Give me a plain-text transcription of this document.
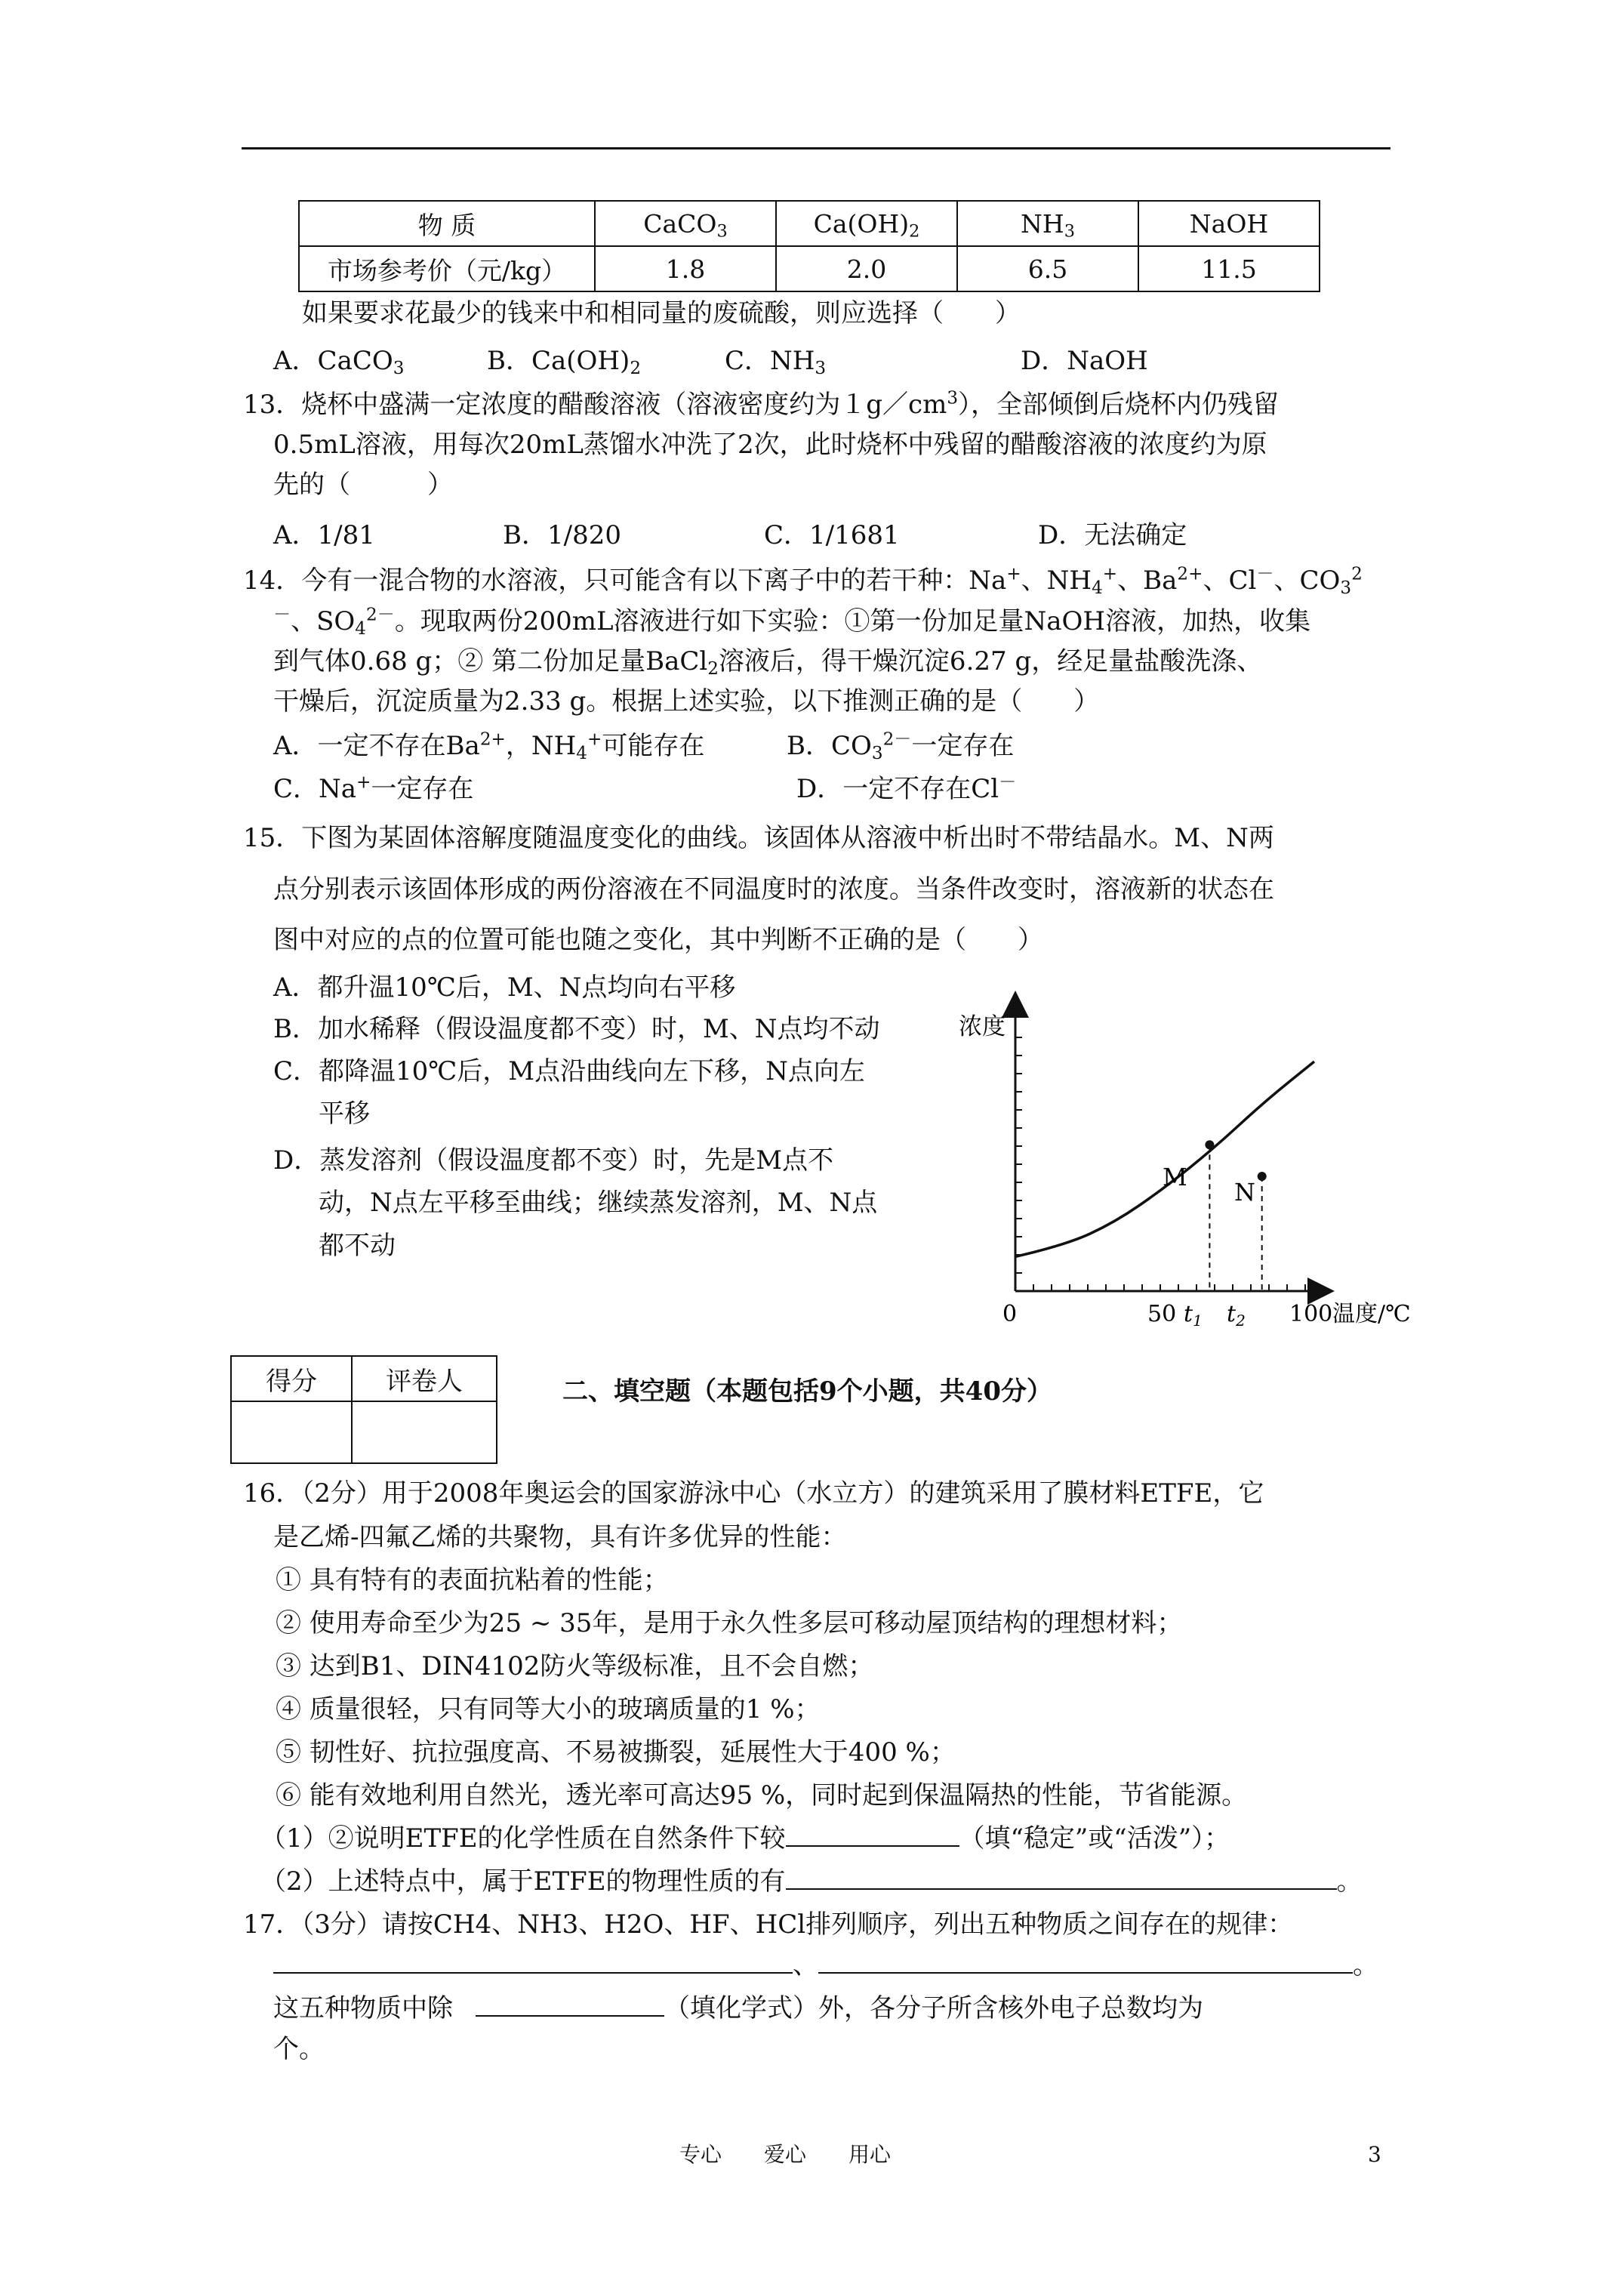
物 质	CaCO$_3$	$Ca(OH)_2$	$NH_3$	NaOH
市场参考价（元/kg）	1.8	2.0	6.5	11.5
如果要求花最少的钱来中和相同量的废硫酸，则应选择（　　）
A．CaCO$_3$	B．$Ca(OH)_2$	C．$NH_3$	D．NaOH
13．烧杯中盛满一定浓度的醋酸溶液（溶液密度约为$1g/cm^3$），全部倾倒后烧杯内仍残留
0.5mL溶液，用每次20mL蒸馏水冲洗了2次，此时烧杯中残留的醋酸溶液的浓度约为原
先的（　　　）
A．1/81	B．1/820	C．1/1681	D．无法确定
14．今有一混合物的水溶液，只可能含有以下离子中的若干种：Na+、$NH_4^+$、$Ba^{2+}$、Cl－、$CO_3^2$
－、$SO_4^{2-}$。现取两份200mL溶液进行如下实验：①第一份加足量NaOH溶液，加热，收集
到气体0.68 g；② 第二份加足量BaCl$_2$溶液后，得干燥沉淀6.27 g，经足量盐酸洗涤、
干燥后，沉淀质量为2.33 g。根据上述实验，以下推测正确的是（　　）
A．一定不存在$Ba^{2+}$，$NH_4^+$可能存在	B．$CO_3^{2-}$一定存在
C．Na+一定存在	D．一定不存在Cl－
15．下图为某固体溶解度随温度变化的曲线。该固体从溶液中析出时不带结晶水。M、N两
点分别表示该固体形成的两份溶液在不同温度时的浓度。当条件改变时，溶液新的状态在
图中对应的点的位置可能也随之变化，其中判断不正确的是（　　）
A．都升温10℃后，M、N点均向右平移
B．加水稀释（假设温度都不变）时，M、N点均不动
C．都降温10℃后，M点沿曲线向左下移，N点向左
平移
D．蒸发溶剂（假设温度都不变）时，先是M点不
动，N点左平移至曲线；继续蒸发溶剂，M、N点
都不动
浓度
M
N
0	50 $t_1$ $t_2$ 100 温度/℃
得分	评卷人
		二、填空题（本题包括9个小题，共40分）
16．（2分）用于2008年奥运会的国家游泳中心（水立方）的建筑采用了膜材料ETFE，它
是乙烯-四氟乙烯的共聚物，具有许多优异的性能：
① 具有特有的表面抗粘着的性能；
② 使用寿命至少为25 ~ 35年，是用于永久性多层可移动屋顶结构的理想材料；
③ 达到B1、DIN4102防火等级标准，且不会自燃；
④ 质量很轻，只有同等大小的玻璃质量的1 %；
⑤ 韧性好、抗拉强度高、不易被撕裂，延展性大于400 %；
⑥ 能有效地利用自然光，透光率可高达95 %，同时起到保温隔热的性能，节省能源。
（1）②说明ETFE的化学性质在自然条件下较	（填“稳定”或“活泼”）；
（2）上述特点中，属于ETFE的物理性质的有	。
17．（3分）请按CH4、NH3、H2O、HF、HCl排列顺序，列出五种物质之间存在的规律：
、	。
这五种物质中除	（填化学式）外，各分子所含核外电子总数均为
个。
专心　　爱心　　用心	3
